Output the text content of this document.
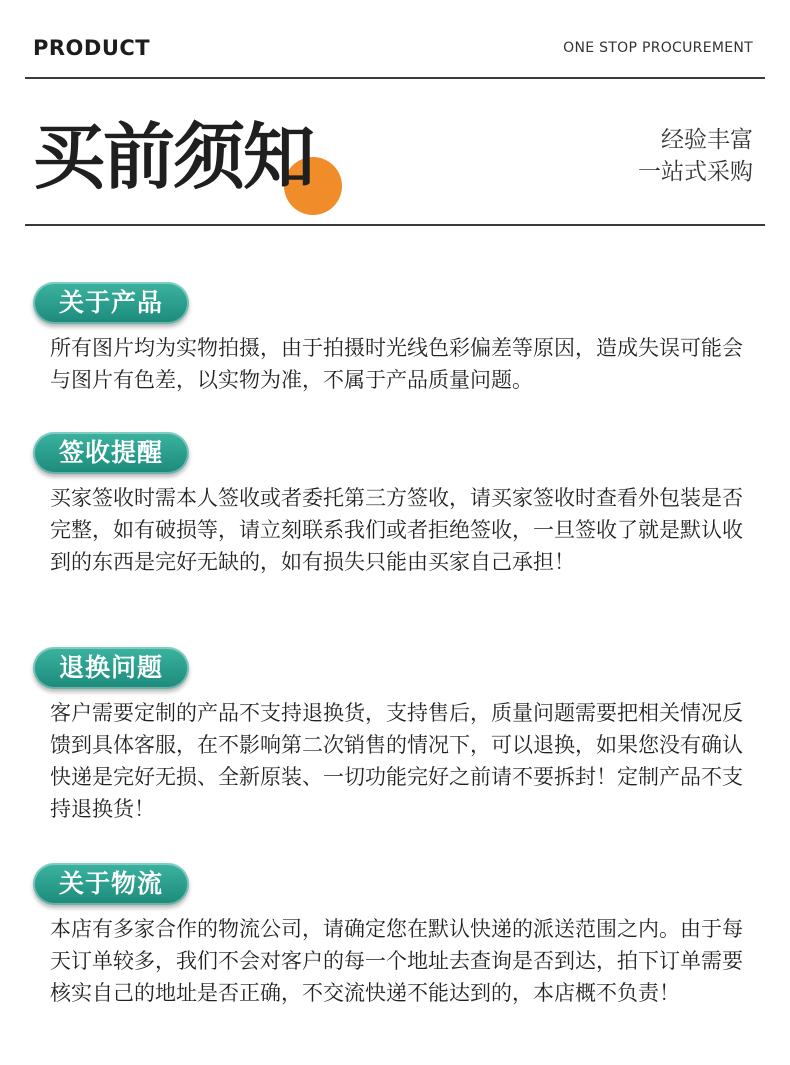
PRODUCT	ONE STOP PROCUREMENT
买前须知	经验丰富
一站式采购
关于产品
所有图片均为实物拍摄，由于拍摄时光线色彩偏差等原因，造成失误可能会与图片有色差，以实物为准，不属于产品质量问题。
签收提醒
买家签收时需本人签收或者委托第三方签收，请买家签收时查看外包装是否完整，如有破损等，请立刻联系我们或者拒绝签收，一旦签收了就是默认收到的东西是完好无缺的，如有损失只能由买家自己承担！
退换问题
客户需要定制的产品不支持退换货，支持售后，质量问题需要把相关情况反馈到具体客服，在不影响第二次销售的情况下，可以退换，如果您没有确认快递是完好无损、全新原装、一切功能完好之前请不要拆封！定制产品不支持退换货！
关于物流
本店有多家合作的物流公司，请确定您在默认快递的派送范围之内。由于每天订单较多，我们不会对客户的每一个地址去查询是否到达，拍下订单需要核实自己的地址是否正确，不交流快递不能达到的，本店概不负责！
